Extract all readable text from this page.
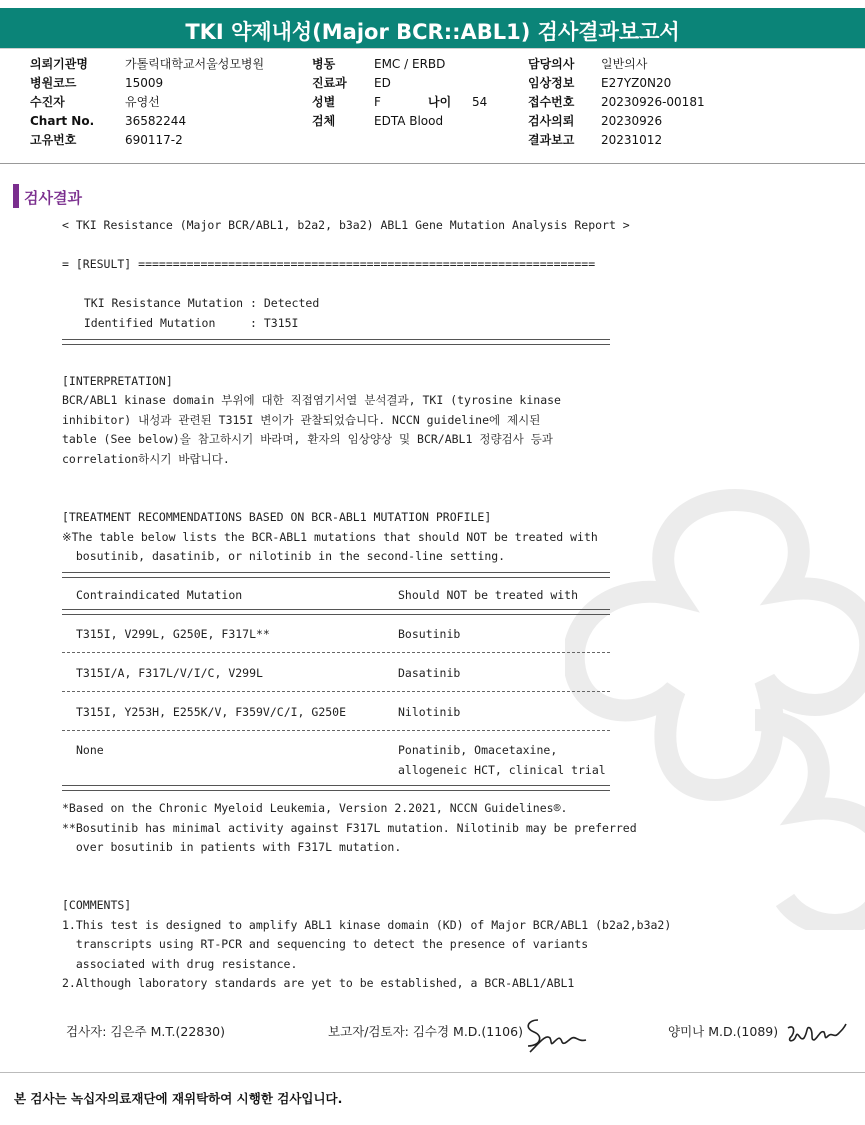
TKI 약제내성(Major BCR::ABL1) 검사결과보고서
의뢰기관명	가톨릭대학교서울성모병원
병원코드	15009
수진자	유영선
Chart No.	36582244
고유번호	690117-2
병동	EMC / ERBD
진료과 ED
성별	F	나이 54
검체	EDTA Blood
담당의사 일반의사
임상정보 E27YZ0N20
접수번호 20230926-00181
검사의뢰 20230926
결과보고 20231012
검사결과
< TKI Resistance (Major BCR/ABL1, b2a2, b3a2) ABL1 Gene Mutation Analysis Report >
= [RESULT] ==================================================================
TKI Resistance Mutation : Detected
Identified Mutation     : T315I
[INTERPRETATION]
BCR/ABL1 kinase domain 부위에 대한 직접염기서열 분석결과, TKI (tyrosine kinase
inhibitor) 내성과 관련된 T315I 변이가 관찰되었습니다. NCCN guideline에 제시된
table (See below)을 참고하시기 바라며, 환자의 임상양상 및 BCR/ABL1 정량검사 등과
correlation하시기 바랍니다.
[TREATMENT RECOMMENDATIONS BASED ON BCR-ABL1 MUTATION PROFILE]
※The table below lists the BCR-ABL1 mutations that should NOT be treated with
bosutinib, dasatinib, or nilotinib in the second-line setting.
Contraindicated Mutation	Should NOT be treated with
T315I, V299L, G250E, F317L**	Bosutinib
T315I/A, F317L/V/I/C, V299L	Dasatinib
T315I, Y253H, E255K/V, F359V/C/I, G250E	Nilotinib
None	Ponatinib, Omacetaxine,
allogeneic HCT, clinical trial
*Based on the Chronic Myeloid Leukemia, Version 2.2021, NCCN Guidelines®.
**Bosutinib has minimal activity against F317L mutation. Nilotinib may be preferred
over bosutinib in patients with F317L mutation.
[COMMENTS]
1.This test is designed to amplify ABL1 kinase domain (KD) of Major BCR/ABL1 (b2a2,b3a2)
transcripts using RT-PCR and sequencing to detect the presence of variants
associated with drug resistance.
2.Although laboratory standards are yet to be established, a BCR-ABL1/ABL1
검사자: 김은주 M.T.(22830)	보고자/검토자: 김수경 M.D.(1106)	양미나 M.D.(1089)
본 검사는 녹십자의료재단에 재위탁하여 시행한 검사입니다.
